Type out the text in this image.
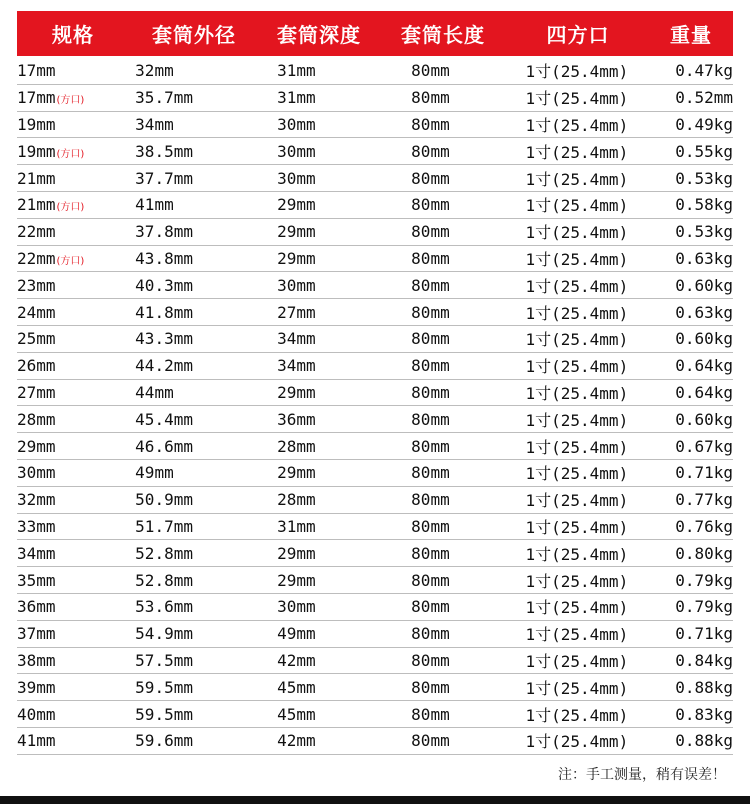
规格	套筒外径	套筒深度	套筒长度	四方口	重量
17mm	32mm	31mm	80mm	1寸(25.4mm)	0.47kg
17mm(方口)	35.7mm	31mm	80mm	1寸(25.4mm)	0.52mm
19mm	34mm	30mm	80mm	1寸(25.4mm)	0.49kg
19mm(方口)	38.5mm	30mm	80mm	1寸(25.4mm)	0.55kg
21mm	37.7mm	30mm	80mm	1寸(25.4mm)	0.53kg
21mm(方口)	41mm	29mm	80mm	1寸(25.4mm)	0.58kg
22mm	37.8mm	29mm	80mm	1寸(25.4mm)	0.53kg
22mm(方口)	43.8mm	29mm	80mm	1寸(25.4mm)	0.63kg
23mm	40.3mm	30mm	80mm	1寸(25.4mm)	0.60kg
24mm	41.8mm	27mm	80mm	1寸(25.4mm)	0.63kg
25mm	43.3mm	34mm	80mm	1寸(25.4mm)	0.60kg
26mm	44.2mm	34mm	80mm	1寸(25.4mm)	0.64kg
27mm	44mm	29mm	80mm	1寸(25.4mm)	0.64kg
28mm	45.4mm	36mm	80mm	1寸(25.4mm)	0.60kg
29mm	46.6mm	28mm	80mm	1寸(25.4mm)	0.67kg
30mm	49mm	29mm	80mm	1寸(25.4mm)	0.71kg
32mm	50.9mm	28mm	80mm	1寸(25.4mm)	0.77kg
33mm	51.7mm	31mm	80mm	1寸(25.4mm)	0.76kg
34mm	52.8mm	29mm	80mm	1寸(25.4mm)	0.80kg
35mm	52.8mm	29mm	80mm	1寸(25.4mm)	0.79kg
36mm	53.6mm	30mm	80mm	1寸(25.4mm)	0.79kg
37mm	54.9mm	49mm	80mm	1寸(25.4mm)	0.71kg
38mm	57.5mm	42mm	80mm	1寸(25.4mm)	0.84kg
39mm	59.5mm	45mm	80mm	1寸(25.4mm)	0.88kg
40mm	59.5mm	45mm	80mm	1寸(25.4mm)	0.83kg
41mm	59.6mm	42mm	80mm	1寸(25.4mm)	0.88kg
注：手工测量，稍有误差！
